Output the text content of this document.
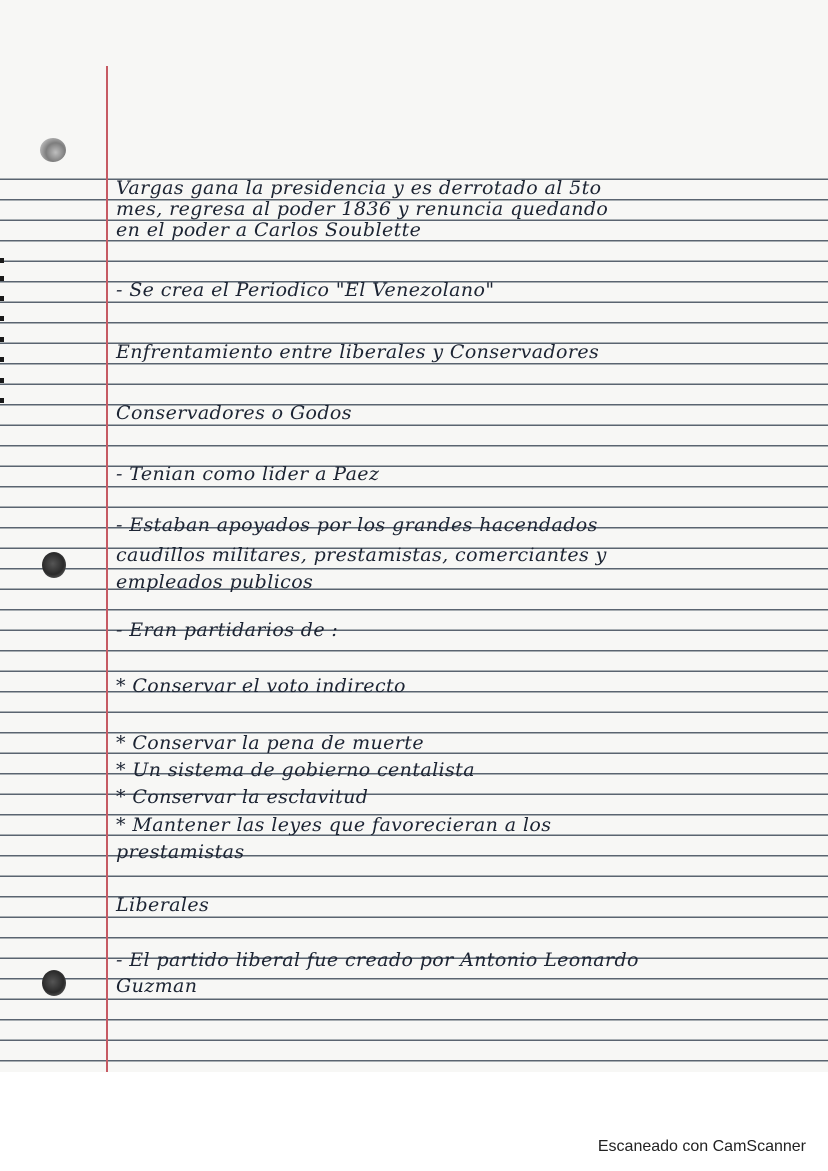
Vargas gana la presidencia y es derrotado al 5to

mes, regresa al poder 1836 y renuncia quedando

en el poder a Carlos Soublette

- Se crea el Periodico "El Venezolano"

Enfrentamiento entre liberales y Conservadores

Conservadores o Godos

- Tenian como lider a Paez

- Estaban apoyados por los grandes hacendados

caudillos militares, prestamistas, comerciantes y

empleados publicos

- Eran partidarios de :

* Conservar el voto indirecto

* Conservar la pena de muerte

* Un sistema de gobierno centalista

* Conservar la esclavitud

* Mantener las leyes que favorecieran a los

prestamistas

Liberales

- El partido liberal fue creado por Antonio Leonardo

Guzman

Escaneado con CamScanner
